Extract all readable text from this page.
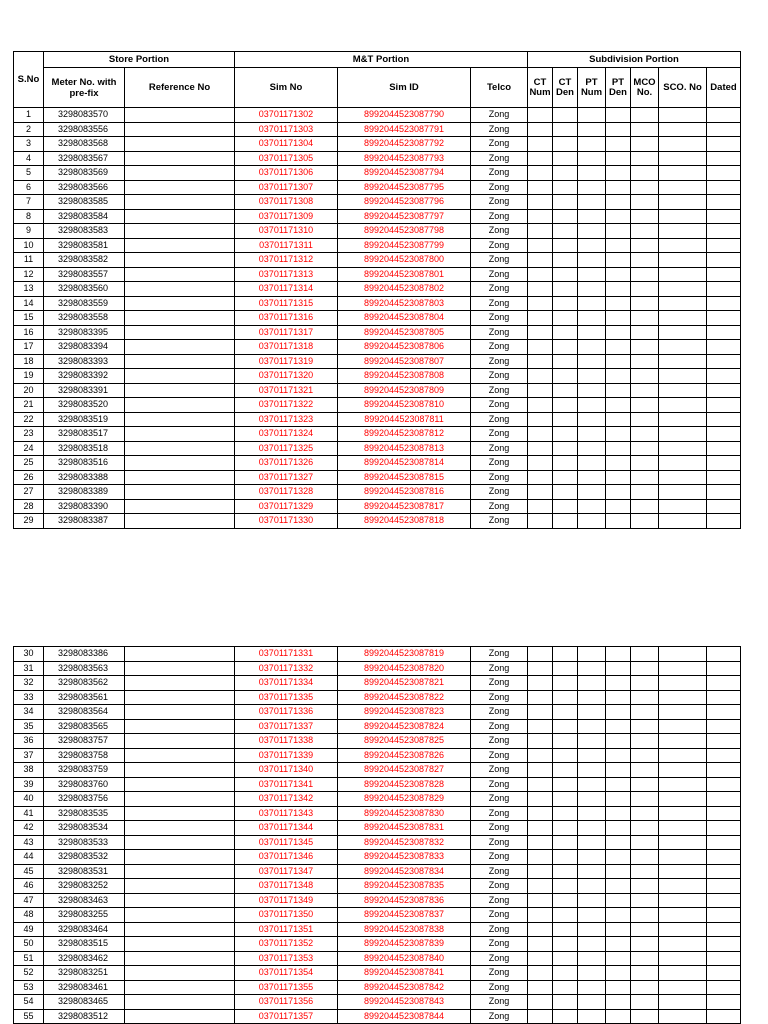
S.No	Store Portion		M&T Portion			Subdivision Portion						
	Meter No. with pre-fix	Reference No	Sim No	Sim ID	Telco	CT Num	CT Den	PT Num	PT Den	MCO No.	SCO. No	Dated
1	3298083570		03701171302	8992044523087790	Zong							
2	3298083556		03701171303	8992044523087791	Zong							
3	3298083568		03701171304	8992044523087792	Zong							
4	3298083567		03701171305	8992044523087793	Zong							
5	3298083569		03701171306	8992044523087794	Zong							
6	3298083566		03701171307	8992044523087795	Zong							
7	3298083585		03701171308	8992044523087796	Zong							
8	3298083584		03701171309	8992044523087797	Zong							
9	3298083583		03701171310	8992044523087798	Zong							
10	3298083581		03701171311	8992044523087799	Zong							
11	3298083582		03701171312	8992044523087800	Zong							
12	3298083557		03701171313	8992044523087801	Zong							
13	3298083560		03701171314	8992044523087802	Zong							
14	3298083559		03701171315	8992044523087803	Zong							
15	3298083558		03701171316	8992044523087804	Zong							
16	3298083395		03701171317	8992044523087805	Zong							
17	3298083394		03701171318	8992044523087806	Zong							
18	3298083393		03701171319	8992044523087807	Zong							
19	3298083392		03701171320	8992044523087808	Zong							
20	3298083391		03701171321	8992044523087809	Zong							
21	3298083520		03701171322	8992044523087810	Zong							
22	3298083519		03701171323	8992044523087811	Zong							
23	3298083517		03701171324	8992044523087812	Zong							
24	3298083518		03701171325	8992044523087813	Zong							
25	3298083516		03701171326	8992044523087814	Zong							
26	3298083388		03701171327	8992044523087815	Zong							
27	3298083389		03701171328	8992044523087816	Zong							
28	3298083390		03701171329	8992044523087817	Zong							
29	3298083387		03701171330	8992044523087818	Zong							
30	3298083386		03701171331	8992044523087819	Zong							
31	3298083563		03701171332	8992044523087820	Zong							
32	3298083562		03701171334	8992044523087821	Zong							
33	3298083561		03701171335	8992044523087822	Zong							
34	3298083564		03701171336	8992044523087823	Zong							
35	3298083565		03701171337	8992044523087824	Zong							
36	3298083757		03701171338	8992044523087825	Zong							
37	3298083758		03701171339	8992044523087826	Zong							
38	3298083759		03701171340	8992044523087827	Zong							
39	3298083760		03701171341	8992044523087828	Zong							
40	3298083756		03701171342	8992044523087829	Zong							
41	3298083535		03701171343	8992044523087830	Zong							
42	3298083534		03701171344	8992044523087831	Zong							
43	3298083533		03701171345	8992044523087832	Zong							
44	3298083532		03701171346	8992044523087833	Zong							
45	3298083531		03701171347	8992044523087834	Zong							
46	3298083252		03701171348	8992044523087835	Zong							
47	3298083463		03701171349	8992044523087836	Zong							
48	3298083255		03701171350	8992044523087837	Zong							
49	3298083464		03701171351	8992044523087838	Zong							
50	3298083515		03701171352	8992044523087839	Zong							
51	3298083462		03701171353	8992044523087840	Zong							
52	3298083251		03701171354	8992044523087841	Zong							
53	3298083461		03701171355	8992044523087842	Zong							
54	3298083465		03701171356	8992044523087843	Zong							
55	3298083512		03701171357	8992044523087844	Zong							
